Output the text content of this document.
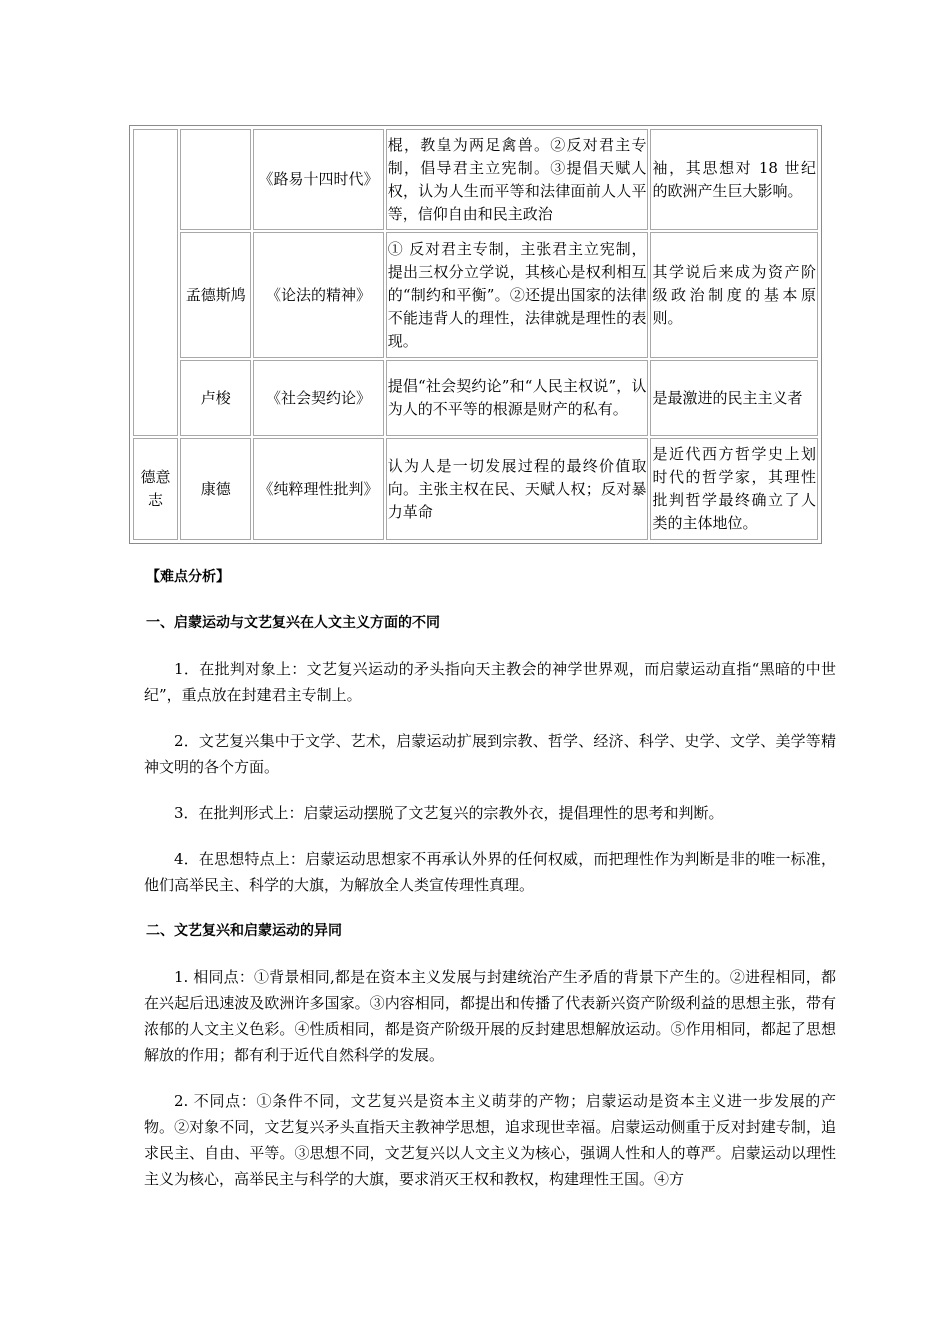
		《路易十四时代》	棍，教皇为两足禽兽。②反对君主专制，倡导君主立宪制。③提倡天赋人权，认为人生而平等和法律面前人人平等，信仰自由和民主政治	袖，其思想对 18 世纪的欧洲产生巨大影响。
	孟德斯鸠	《论法的精神》	① 反对君主专制，主张君主立宪制，提出三权分立学说，其核心是权利相互的“制约和平衡”。②还提出国家的法律不能违背人的理性，法律就是理性的表现。	其学说后来成为资产阶级政治制度的基本原则。
	卢梭	《社会契约论》	提倡“社会契约论”和“人民主权说”，认为人的不平等的根源是财产的私有。	是最激进的民主主义者
德意志	康德	《纯粹理性批判》	认为人是一切发展过程的最终价值取向。主张主权在民、天赋人权；反对暴力革命	是近代西方哲学史上划时代的哲学家，其理性批判哲学最终确立了人类的主体地位。
【难点分析】
一、启蒙运动与文艺复兴在人文主义方面的不同

1．在批判对象上：文艺复兴运动的矛头指向天主教会的神学世界观，而启蒙运动直指“黑暗的中世纪”，重点放在封建君主专制上。

2．文艺复兴集中于文学、艺术，启蒙运动扩展到宗教、哲学、经济、科学、史学、文学、美学等精神文明的各个方面。

3．在批判形式上：启蒙运动摆脱了文艺复兴的宗教外衣，提倡理性的思考和判断。

4．在思想特点上：启蒙运动思想家不再承认外界的任何权威，而把理性作为判断是非的唯一标准，他们高举民主、科学的大旗，为解放全人类宣传理性真理。

二、文艺复兴和启蒙运动的异同

1. 相同点：①背景相同,都是在资本主义发展与封建统治产生矛盾的背景下产生的。②进程相同，都在兴起后迅速波及欧洲许多国家。③内容相同，都提出和传播了代表新兴资产阶级利益的思想主张，带有浓郁的人文主义色彩。④性质相同，都是资产阶级开展的反封建思想解放运动。⑤作用相同，都起了思想解放的作用；都有利于近代自然科学的发展。

2. 不同点：①条件不同，文艺复兴是资本主义萌芽的产物；启蒙运动是资本主义进一步发展的产物。②对象不同，文艺复兴矛头直指天主教神学思想，追求现世幸福。启蒙运动侧重于反对封建专制，追求民主、自由、平等。③思想不同，文艺复兴以人文主义为核心，强调人性和人的尊严。启蒙运动以理性主义为核心，高举民主与科学的大旗，要求消灭王权和教权，构建理性王国。④方
